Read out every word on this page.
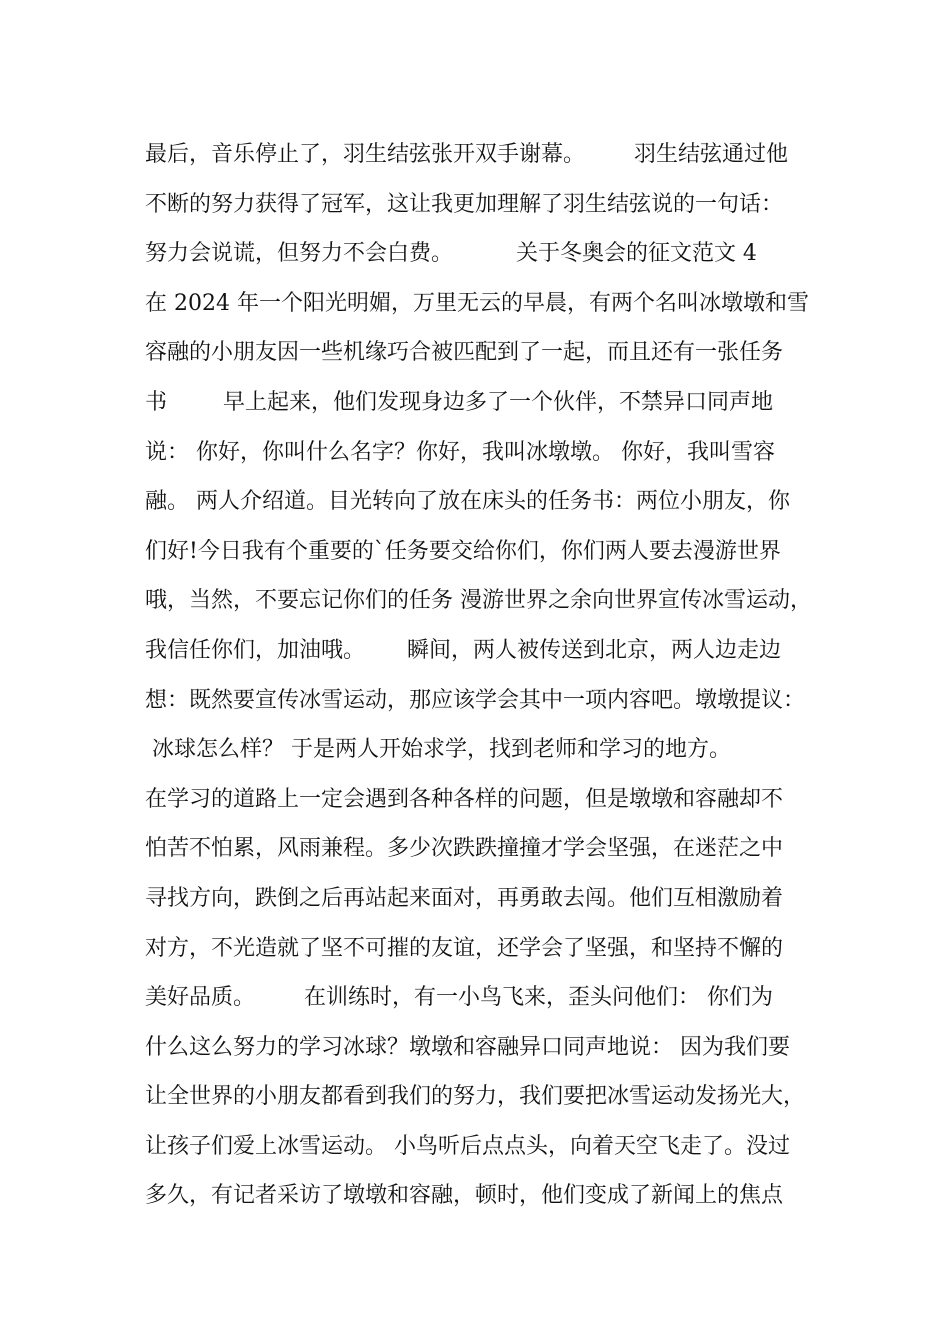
最后，音乐停止了，羽生结弦张开双手谢幕。       羽生结弦通过他
不断的努力获得了冠军，这让我更加理解了羽生结弦说的一句话：
努力会说谎，但努力不会白费。         关于冬奥会的征文范文 4
在 2024 年一个阳光明媚，万里无云的早晨，有两个名叫冰墩墩和雪
容融的小朋友因一些机缘巧合被匹配到了一起，而且还有一张任务
书        早上起来，他们发现身边多了一个伙伴，不禁异口同声地
说： 你好，你叫什么名字？你好，我叫冰墩墩。 你好，我叫雪容
融。 两人介绍道。目光转向了放在床头的任务书：两位小朋友，你
们好!今日我有个重要的`任务要交给你们，你们两人要去漫游世界
哦，当然，不要忘记你们的任务 漫游世界之余向世界宣传冰雪运动，
我信任你们，加油哦。      瞬间，两人被传送到北京，两人边走边
想：既然要宣传冰雪运动，那应该学会其中一项内容吧。墩墩提议：
冰球怎么样？ 于是两人开始求学，找到老师和学习的地方。
在学习的道路上一定会遇到各种各样的问题，但是墩墩和容融却不
怕苦不怕累，风雨兼程。多少次跌跌撞撞才学会坚强，在迷茫之中
寻找方向，跌倒之后再站起来面对，再勇敢去闯。他们互相激励着
对方，不光造就了坚不可摧的友谊，还学会了坚强，和坚持不懈的
美好品质。       在训练时，有一小鸟飞来，歪头问他们： 你们为
什么这么努力的学习冰球？墩墩和容融异口同声地说： 因为我们要
让全世界的小朋友都看到我们的努力，我们要把冰雪运动发扬光大，
让孩子们爱上冰雪运动。 小鸟听后点点头，向着天空飞走了。没过
多久，有记者采访了墩墩和容融，顿时，他们变成了新闻上的焦点
